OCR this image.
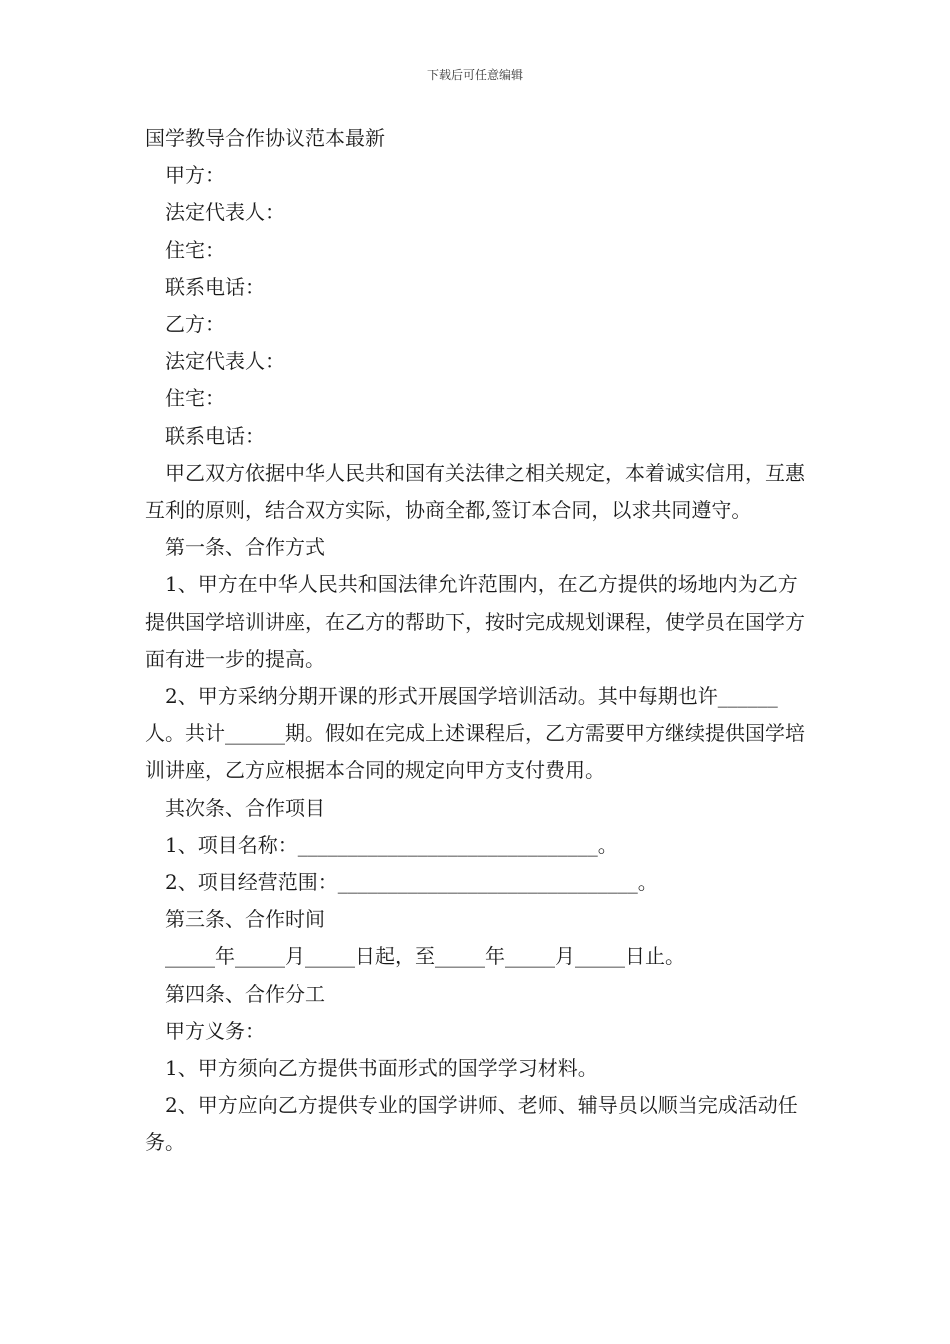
下载后可任意编辑

国学教导合作协议范本最新

甲方：

法定代表人：

住宅：

联系电话：

乙方：

法定代表人：

住宅：

联系电话：

甲乙双方依据中华人民共和国有关法律之相关规定，本着诚实信用，互惠互利的原则，结合双方实际，协商全都,签订本合同，以求共同遵守。

第一条、合作方式

1、甲方在中华人民共和国法律允许范围内，在乙方提供的场地内为乙方提供国学培训讲座，在乙方的帮助下，按时完成规划课程，使学员在国学方面有进一步的提高。

2、甲方采纳分期开课的形式开展国学培训活动。其中每期也许______人。共计______期。假如在完成上述课程后，乙方需要甲方继续提供国学培训讲座，乙方应根据本合同的规定向甲方支付费用。

其次条、合作项目

1、项目名称：______________________________。

2、项目经营范围：______________________________。

第三条、合作时间

_____年_____月_____日起，至_____年_____月_____日止。

第四条、合作分工

甲方义务：

1、甲方须向乙方提供书面形式的国学学习材料。

2、甲方应向乙方提供专业的国学讲师、老师、辅导员以顺当完成活动任务。
